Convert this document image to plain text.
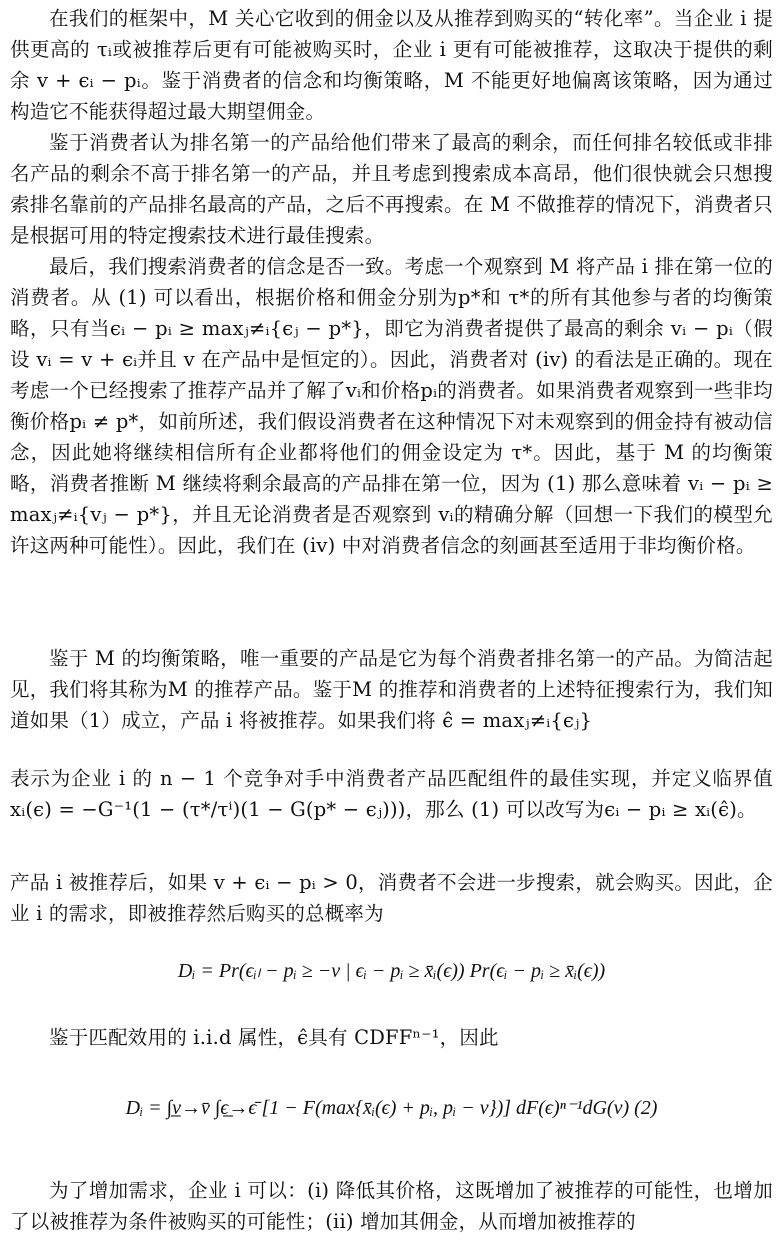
在我们的框架中，M 关心它收到的佣金以及从推荐到购买的“转化率”。当企业 i 提供更高的 τᵢ或被推荐后更有可能被购买时，企业 i 更有可能被推荐，这取决于提供的剩余 v + ϵᵢ − pᵢ。鉴于消费者的信念和均衡策略，M 不能更好地偏离该策略，因为通过构造它不能获得超过最大期望佣金。

鉴于消费者认为排名第一的产品给他们带来了最高的剩余，而任何排名较低或非排名产品的剩余不高于排名第一的产品，并且考虑到搜索成本高昂，他们很快就会只想搜索排名靠前的产品排名最高的产品，之后不再搜索。在 M 不做推荐的情况下，消费者只是根据可用的特定搜索技术进行最佳搜索。

最后，我们搜索消费者的信念是否一致。考虑一个观察到 M 将产品 i 排在第一位的消费者。从 (1) 可以看出，根据价格和佣金分别为p*和 τ*的所有其他参与者的均衡策略，只有当ϵᵢ − pᵢ ≥ maxⱼ≠ᵢ{ϵⱼ − p*}，即它为消费者提供了最高的剩余 vᵢ − pᵢ（假设 vᵢ = v + ϵᵢ并且 v 在产品中是恒定的）。因此，消费者对 (iv) 的看法是正确的。现在考虑一个已经搜索了推荐产品并了解了vᵢ和价格pᵢ的消费者。如果消费者观察到一些非均衡价格pᵢ ≠ p*，如前所述，我们假设消费者在这种情况下对未观察到的佣金持有被动信念，因此她将继续相信所有企业都将他们的佣金设定为 τ*。因此，基于 M 的均衡策略，消费者推断 M 继续将剩余最高的产品排在第一位，因为 (1) 那么意味着 vᵢ − pᵢ ≥ maxⱼ≠ᵢ{vⱼ − p*}，并且无论消费者是否观察到 vᵢ的精确分解（回想一下我们的模型允许这两种可能性）。因此，我们在 (iv) 中对消费者信念的刻画甚至适用于非均衡价格。

鉴于 M 的均衡策略，唯一重要的产品是它为每个消费者排名第一的产品。为简洁起见，我们将其称为M 的推荐产品。鉴于M 的推荐和消费者的上述特征搜索行为，我们知道如果（1）成立，产品 i 将被推荐。如果我们将 ϵ̂ = maxⱼ≠ᵢ{ϵⱼ}

表示为企业 i 的 n − 1 个竞争对手中消费者产品匹配组件的最佳实现，并定义临界值 xᵢ(ϵ) = −G⁻¹(1 − (τ*/τⁱ)(1 − G(p* − ϵⱼ)))，那么 (1) 可以改写为ϵᵢ − pᵢ ≥ xᵢ(ϵ̂)。

产品 i 被推荐后，如果 v + ϵᵢ − pᵢ > 0，消费者不会进一步搜索，就会购买。因此，企业 i 的需求，即被推荐然后购买的总概率为

Dᵢ = Pr(ϵᵢₗ − pᵢ ≥ −v | ϵᵢ − pᵢ ≥ x̄ᵢ(ϵ)) Pr(ϵᵢ − pᵢ ≥ x̄ᵢ(ϵ))

鉴于匹配效用的 i.i.d 属性，ϵ̂具有 CDFFⁿ⁻¹，因此

Dᵢ = ∫v̲→v̄ ∫ϵ̲→ϵ̄ [1 − F(max{x̄ᵢ(ϵ) + pᵢ, pᵢ − v})] dF(ϵ)ⁿ⁻¹dG(v) (2)

为了增加需求，企业 i 可以：(i) 降低其价格，这既增加了被推荐的可能性，也增加了以被推荐为条件被购买的可能性；(ii) 增加其佣金，从而增加被推荐的
